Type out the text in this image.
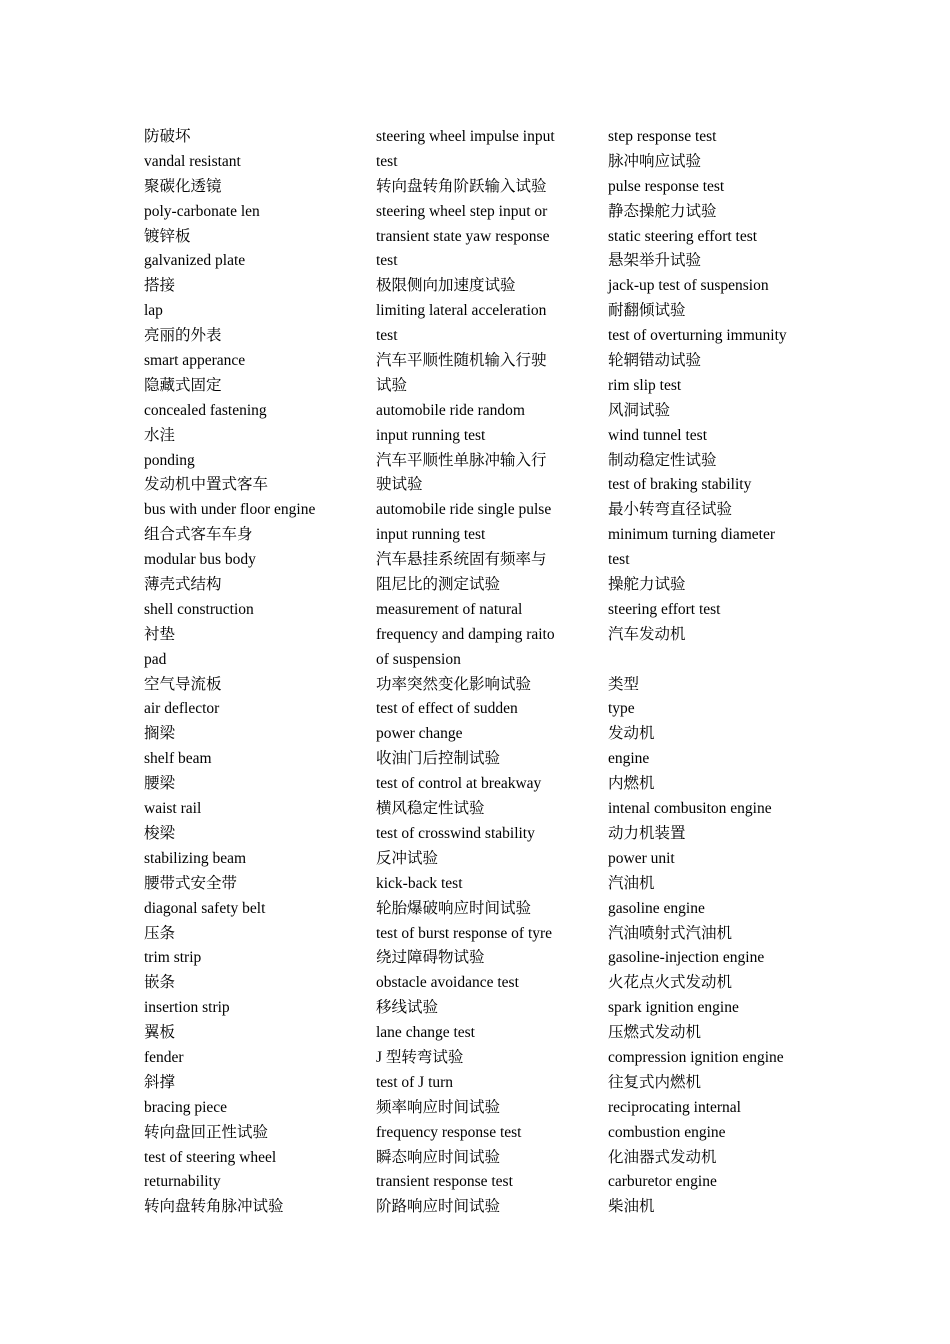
防破坏
vandal resistant
聚碳化透镜
poly-carbonate len
镀锌板
galvanized plate
搭接
lap
亮丽的外表
smart apperance
隐藏式固定
concealed fastening
水洼
ponding
发动机中置式客车
bus with under floor engine
组合式客车车身
modular bus body
薄壳式结构
shell construction
衬垫
pad
空气导流板
air deflector
搁梁
shelf beam
腰梁
waist rail
梭梁
stabilizing beam
腰带式安全带
diagonal safety belt
压条
trim strip
嵌条
insertion strip
翼板
fender
斜撑
bracing piece
转向盘回正性试验
test of steering wheel
returnability
转向盘转角脉冲试验
steering wheel impulse input
test
转向盘转角阶跃输入试验
steering wheel step input or
transient state yaw response
test
极限侧向加速度试验
limiting lateral acceleration
test
汽车平顺性随机输入行驶
试验
automobile ride random
input running test
汽车平顺性单脉冲输入行
驶试验
automobile ride single pulse
input running test
汽车悬挂系统固有频率与
阻尼比的测定试验
measurement of natural
frequency and damping raito
of suspension
功率突然变化影响试验
test of effect of sudden
power change
收油门后控制试验
test of control at breakway
横风稳定性试验
test of crosswind stability
反冲试验
kick-back test
轮胎爆破响应时间试验
test of burst response of tyre
绕过障碍物试验
obstacle avoidance test
移线试验
lane change test
J 型转弯试验
test of J turn
频率响应时间试验
frequency response test
瞬态响应时间试验
transient response test
阶路响应时间试验
step response test
脉冲响应试验
pulse response test
静态操舵力试验
static steering effort test
悬架举升试验
jack-up test of suspension
耐翻倾试验
test of overturning immunity
轮辋错动试验
rim slip test
风洞试验
wind tunnel test
制动稳定性试验
test of braking stability
最小转弯直径试验
minimum turning diameter
test
操舵力试验
steering effort test
汽车发动机
类型
type
发动机
engine
内燃机
intenal combusiton engine
动力机装置
power unit
汽油机
gasoline engine
汽油喷射式汽油机
gasoline-injection engine
火花点火式发动机
spark ignition engine
压燃式发动机
compression ignition engine
往复式内燃机
reciprocating internal
combustion engine
化油器式发动机
carburetor engine
柴油机
